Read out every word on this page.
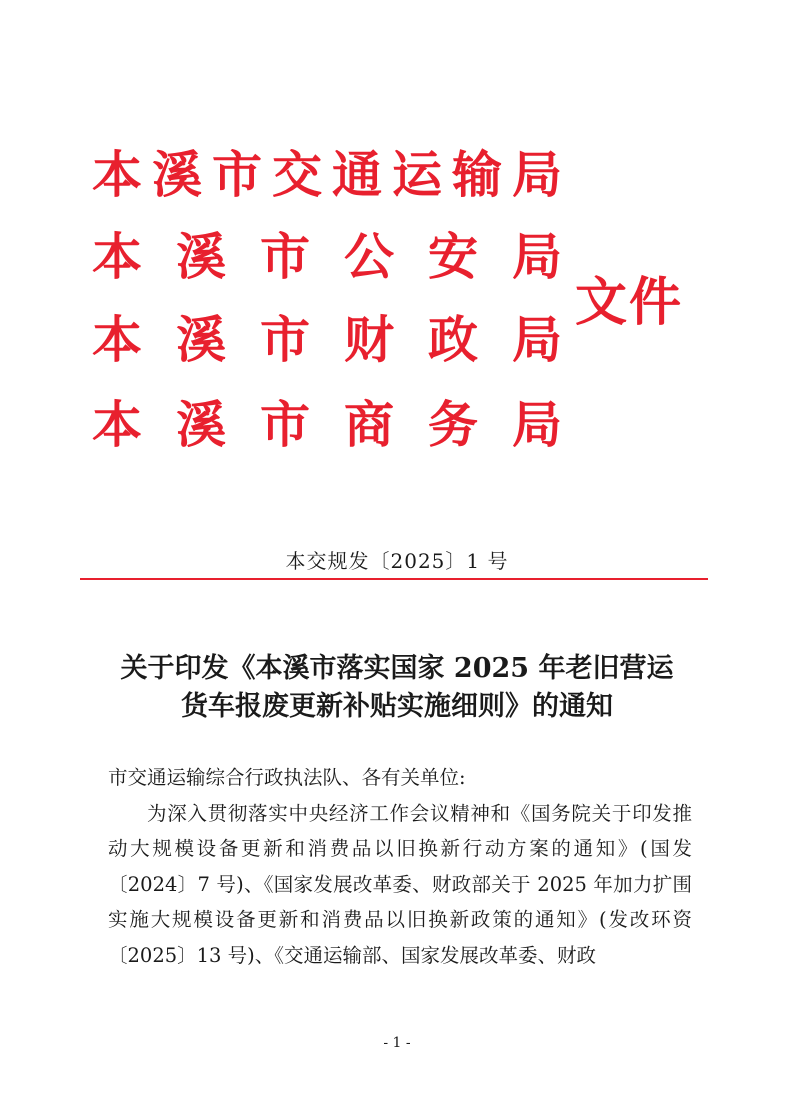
本 溪 市 交 通 运 输 局
本 溪 市 公 安 局
本 溪 市 财 政 局
本 溪 市 商 务 局
文件
本交规发〔2025〕1 号
关于印发《本溪市落实国家 2025 年老旧营运
货车报废更新补贴实施细则》的通知

市交通运输综合行政执法队、各有关单位:

为深入贯彻落实中央经济工作会议精神和《国务院关于印发推动大规模设备更新和消费品以旧换新行动方案的通知》(国发〔2024〕7 号)、《国家发展改革委、财政部关于 2025 年加力扩围实施大规模设备更新和消费品以旧换新政策的通知》(发改环资〔2025〕13 号)、《交通运输部、国家发展改革委、财政

- 1 -
